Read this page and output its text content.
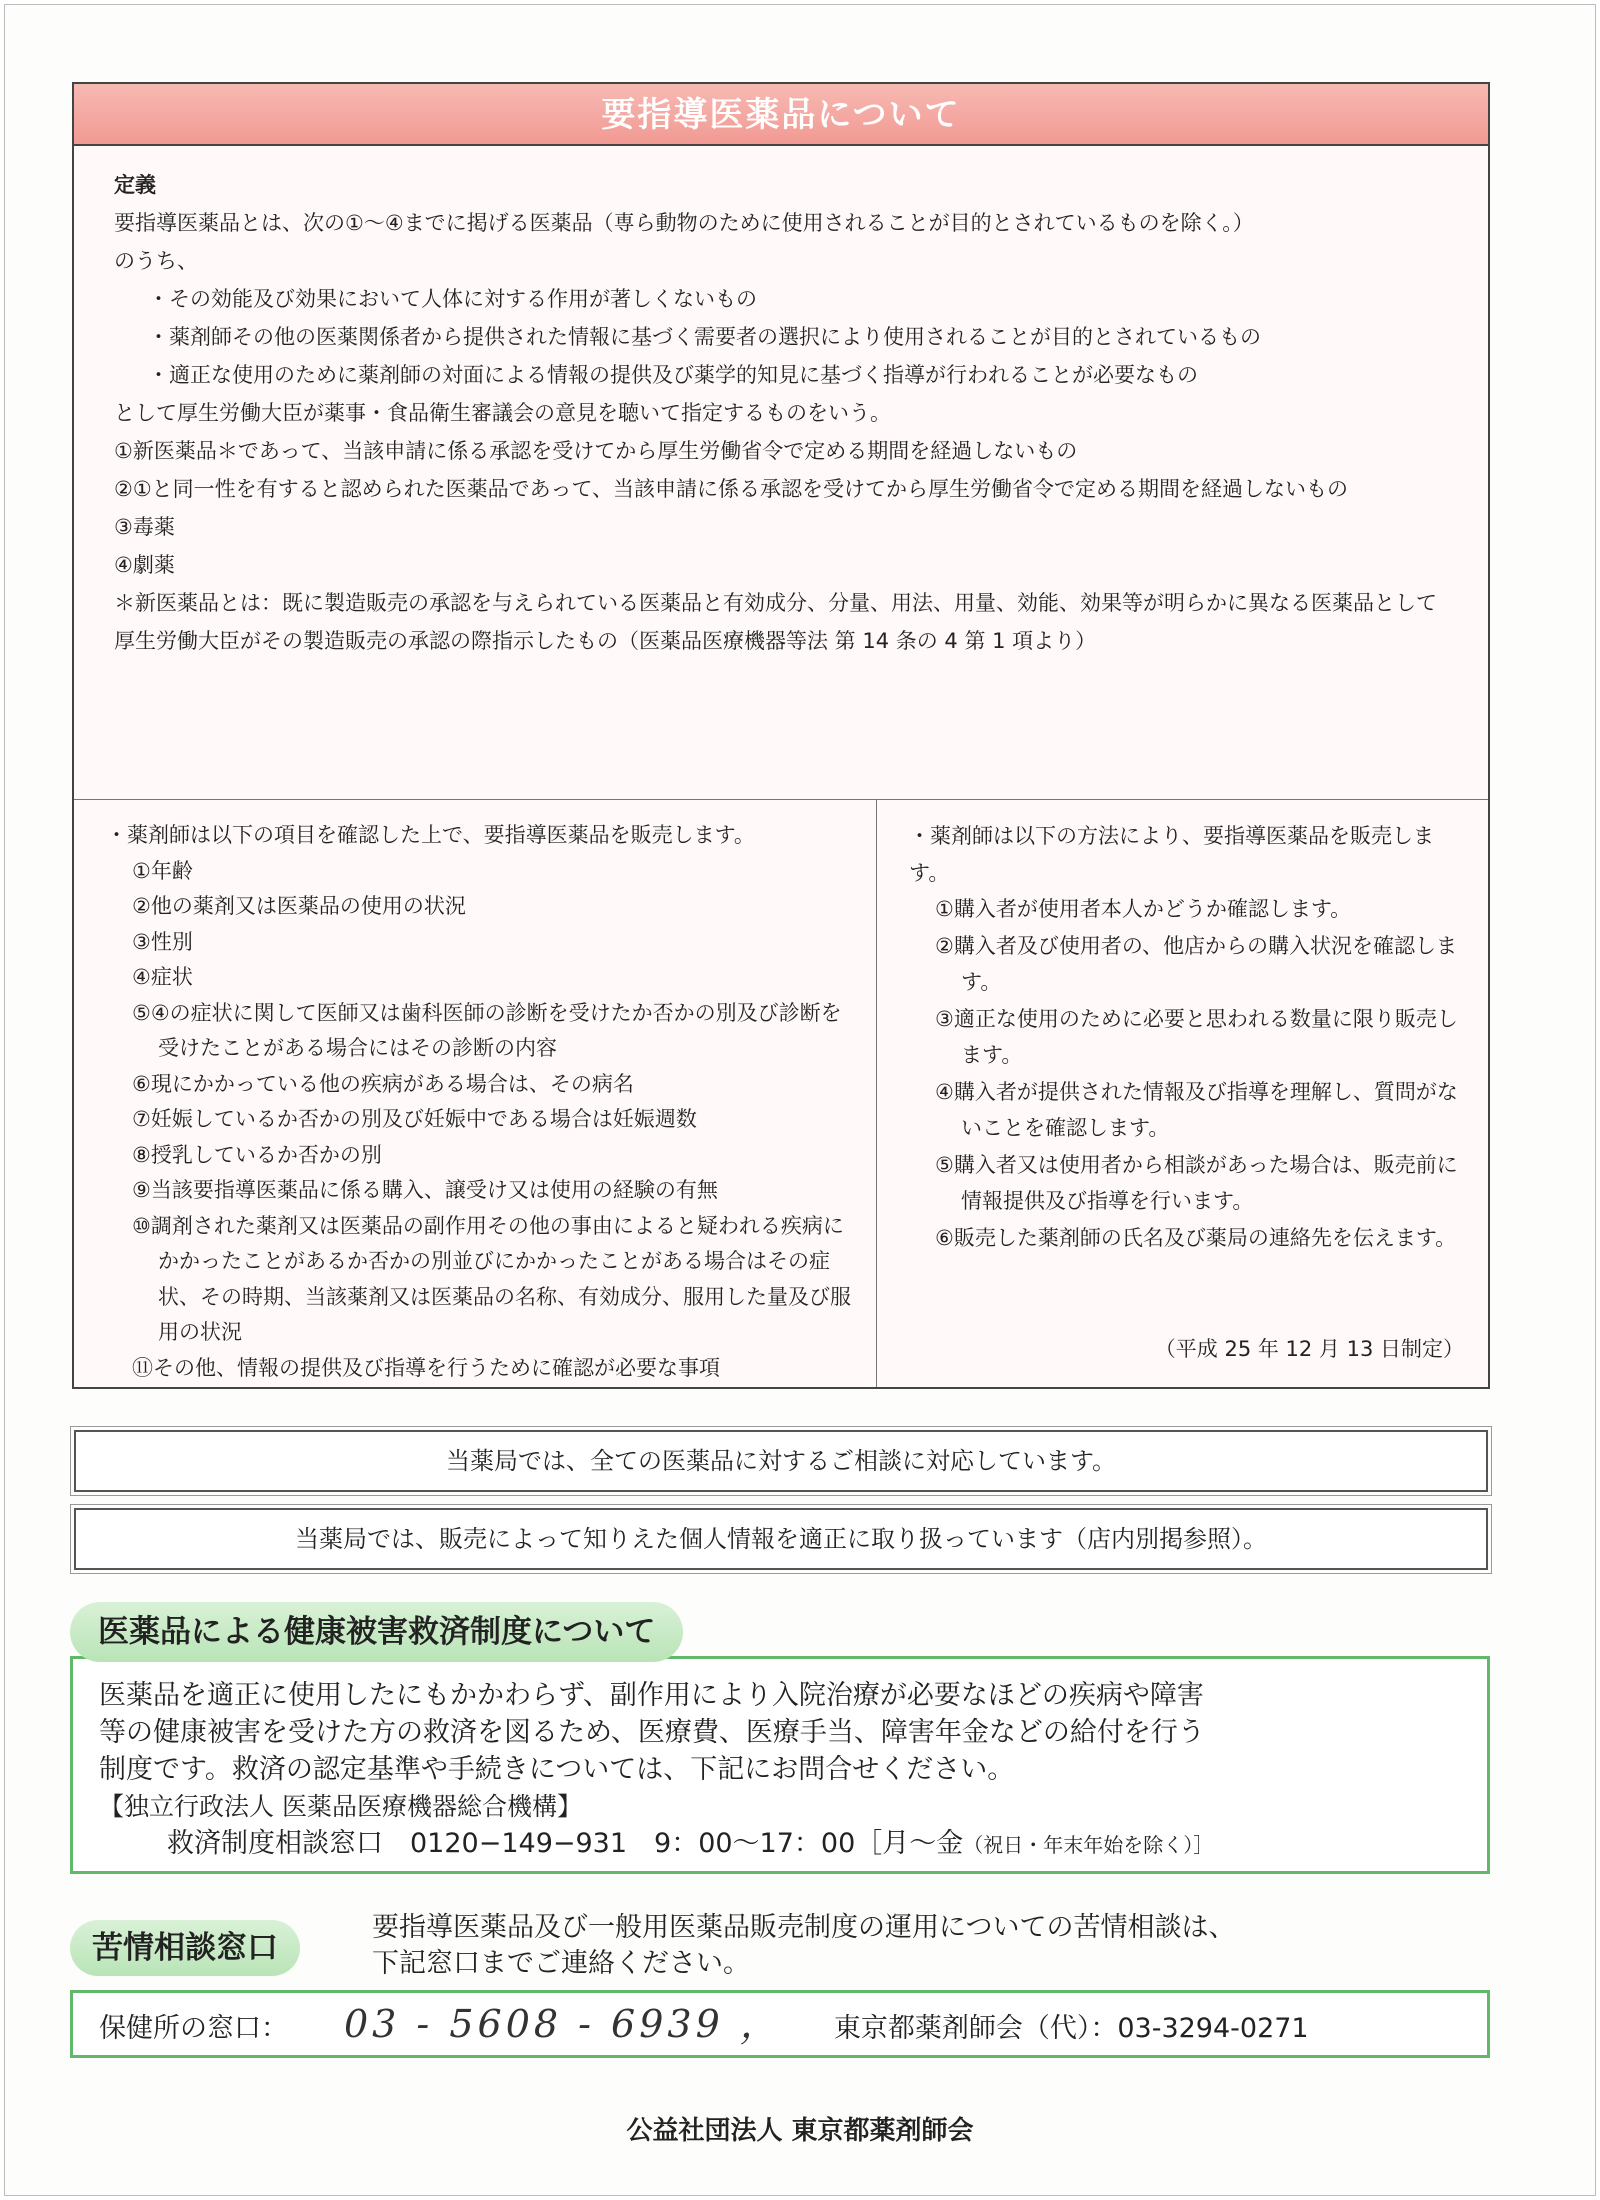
要指導医薬品について
定義
要指導医薬品とは、次の①～④までに掲げる医薬品（専ら動物のために使用されることが目的とされているものを除く。）
のうち、
・その効能及び効果において人体に対する作用が著しくないもの
・薬剤師その他の医薬関係者から提供された情報に基づく需要者の選択により使用されることが目的とされているもの
・適正な使用のために薬剤師の対面による情報の提供及び薬学的知見に基づく指導が行われることが必要なもの
として厚生労働大臣が薬事・食品衛生審議会の意見を聴いて指定するものをいう。
①新医薬品＊であって、当該申請に係る承認を受けてから厚生労働省令で定める期間を経過しないもの
②①と同一性を有すると認められた医薬品であって、当該申請に係る承認を受けてから厚生労働省令で定める期間を経過しないもの
③毒薬
④劇薬
＊新医薬品とは：既に製造販売の承認を与えられている医薬品と有効成分、分量、用法、用量、効能、効果等が明らかに異なる医薬品として厚生労働大臣がその製造販売の承認の際指示したもの（医薬品医療機器等法 第 14 条の 4 第 1 項より）
・薬剤師は以下の項目を確認した上で、要指導医薬品を販売します。
①年齢
②他の薬剤又は医薬品の使用の状況
③性別
④症状
⑤④の症状に関して医師又は歯科医師の診断を受けたか否かの別及び診断を受けたことがある場合にはその診断の内容
⑥現にかかっている他の疾病がある場合は、その病名
⑦妊娠しているか否かの別及び妊娠中である場合は妊娠週数
⑧授乳しているか否かの別
⑨当該要指導医薬品に係る購入、譲受け又は使用の経験の有無
⑩調剤された薬剤又は医薬品の副作用その他の事由によると疑われる疾病にかかったことがあるか否かの別並びにかかったことがある場合はその症状、その時期、当該薬剤又は医薬品の名称、有効成分、服用した量及び服用の状況
⑪その他、情報の提供及び指導を行うために確認が必要な事項
・薬剤師は以下の方法により、要指導医薬品を販売します。
①購入者が使用者本人かどうか確認します。
②購入者及び使用者の、他店からの購入状況を確認します。
③適正な使用のために必要と思われる数量に限り販売します。
④購入者が提供された情報及び指導を理解し、質問がないことを確認します。
⑤購入者又は使用者から相談があった場合は、販売前に情報提供及び指導を行います。
⑥販売した薬剤師の氏名及び薬局の連絡先を伝えます。
（平成 25 年 12 月 13 日制定）
当薬局では、全ての医薬品に対するご相談に対応しています。
当薬局では、販売によって知りえた個人情報を適正に取り扱っています（店内別掲参照）。
医薬品による健康被害救済制度について
医薬品を適正に使用したにもかかわらず、副作用により入院治療が必要なほどの疾病や障害
等の健康被害を受けた方の救済を図るため、医療費、医療手当、障害年金などの給付を行う
制度です。救済の認定基準や手続きについては、下記にお問合せください。
【独立行政法人 医薬品医療機器総合機構】
救済制度相談窓口　0120−149−931　9：00～17：00［月～金（祝日・年末年始を除く）］
苦情相談窓口
要指導医薬品及び一般用医薬品販売制度の運用についての苦情相談は、
下記窓口までご連絡ください。
保健所の窓口： 03 - 5608 - 6939 ， 東京都薬剤師会（代）：03-3294-0271
公益社団法人 東京都薬剤師会
